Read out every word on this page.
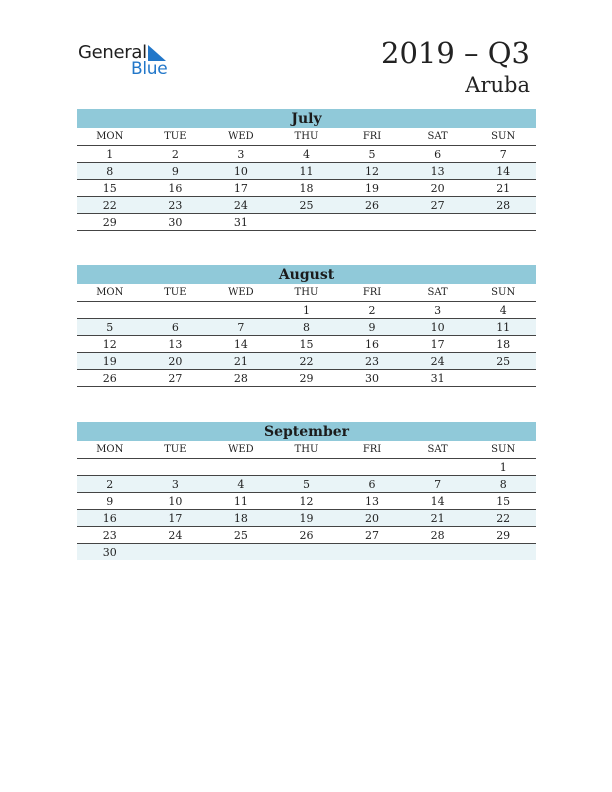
General
Blue	2019 – Q3
Aruba
July
MON	TUE	WED	THU	FRI	SAT	SUN
1	2	3	4	5	6	7
8	9	10	11	12	13	14
15	16	17	18	19	20	21
22	23	24	25	26	27	28
29	30	31				
August
MON	TUE	WED	THU	FRI	SAT	SUN
			1	2	3	4
5	6	7	8	9	10	11
12	13	14	15	16	17	18
19	20	21	22	23	24	25
26	27	28	29	30	31	
September
MON	TUE	WED	THU	FRI	SAT	SUN
						1
2	3	4	5	6	7	8
9	10	11	12	13	14	15
16	17	18	19	20	21	22
23	24	25	26	27	28	29
30						
